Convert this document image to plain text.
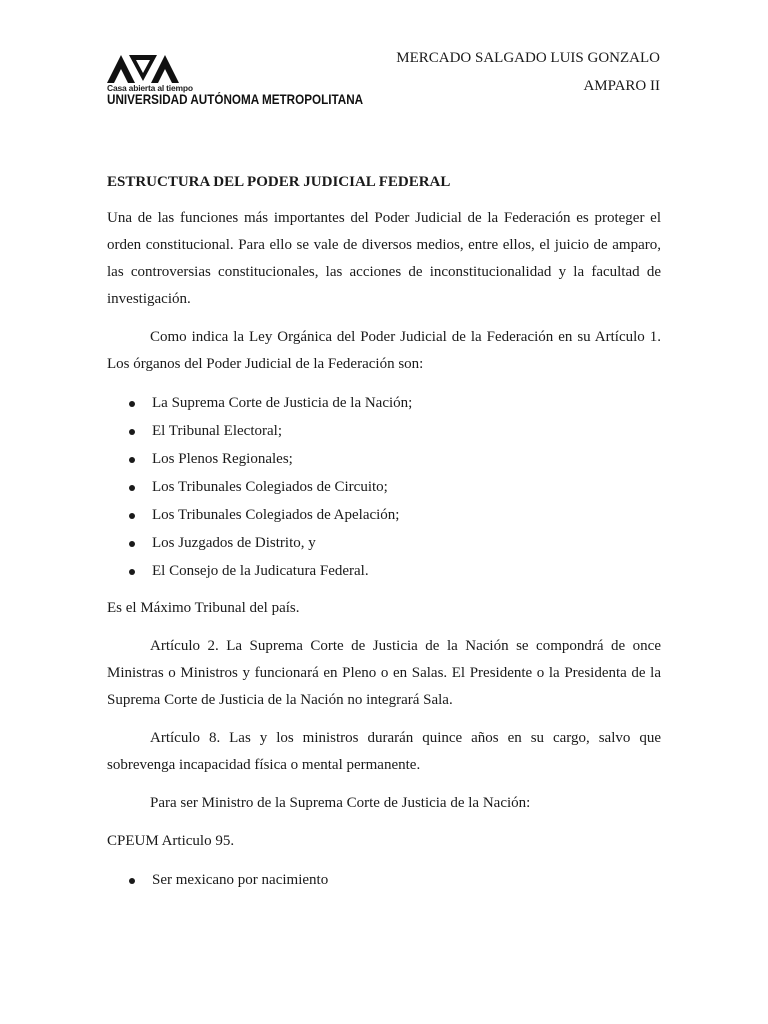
Casa abierta al tiempo
UNIVERSIDAD AUTÓNOMA METROPOLITANA
MERCADO SALGADO LUIS GONZALO
AMPARO II

ESTRUCTURA DEL PODER JUDICIAL FEDERAL

Una de las funciones más importantes del Poder Judicial de la Federación es proteger el orden constitucional. Para ello se vale de diversos medios, entre ellos, el juicio de amparo, las controversias constitucionales, las acciones de inconstitucionalidad y la facultad de investigación.

Como indica la Ley Orgánica del Poder Judicial de la Federación en su Artículo 1. Los órganos del Poder Judicial de la Federación son:

La Suprema Corte de Justicia de la Nación;
El Tribunal Electoral;
Los Plenos Regionales;
Los Tribunales Colegiados de Circuito;
Los Tribunales Colegiados de Apelación;
Los Juzgados de Distrito, y
El Consejo de la Judicatura Federal.

Es el Máximo Tribunal del país.

Artículo 2. La Suprema Corte de Justicia de la Nación se compondrá de once Ministras o Ministros y funcionará en Pleno o en Salas. El Presidente o la Presidenta de la Suprema Corte de Justicia de la Nación no integrará Sala.

Artículo 8. Las y los ministros durarán quince años en su cargo, salvo que sobrevenga incapacidad física o mental permanente.

Para ser Ministro de la Suprema Corte de Justicia de la Nación:

CPEUM Articulo 95.

Ser mexicano por nacimiento
